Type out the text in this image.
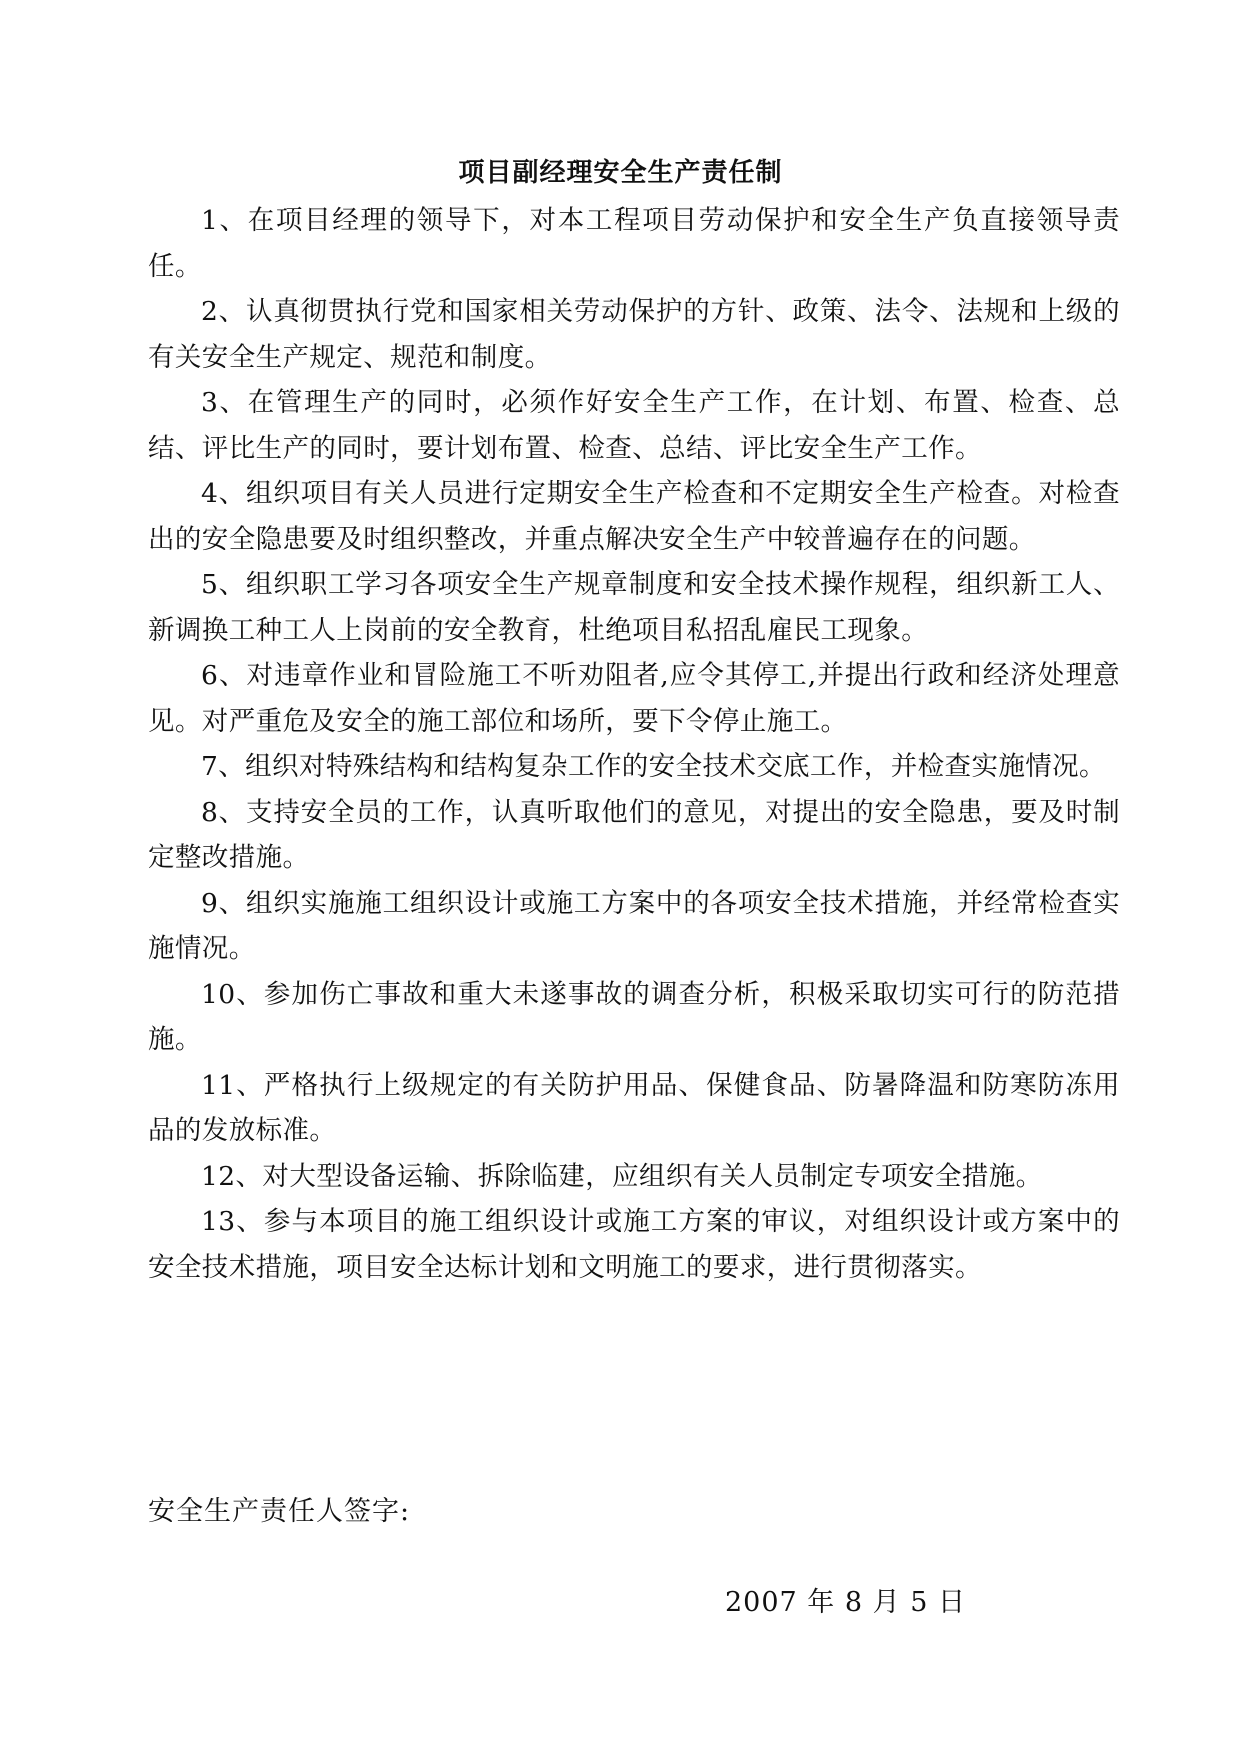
项目副经理安全生产责任制

1、在项目经理的领导下，对本工程项目劳动保护和安全生产负直接领导责任。

2、认真彻贯执行党和国家相关劳动保护的方针、政策、法令、法规和上级的有关安全生产规定、规范和制度。

3、在管理生产的同时，必须作好安全生产工作，在计划、布置、检查、总结、评比生产的同时，要计划布置、检查、总结、评比安全生产工作。

4、组织项目有关人员进行定期安全生产检查和不定期安全生产检查。对检查出的安全隐患要及时组织整改，并重点解决安全生产中较普遍存在的问题。

5、组织职工学习各项安全生产规章制度和安全技术操作规程，组织新工人、新调换工种工人上岗前的安全教育，杜绝项目私招乱雇民工现象。

6、对违章作业和冒险施工不听劝阻者,应令其停工,并提出行政和经济处理意见。对严重危及安全的施工部位和场所，要下令停止施工。

7、组织对特殊结构和结构复杂工作的安全技术交底工作，并检查实施情况。

8、支持安全员的工作，认真听取他们的意见，对提出的安全隐患，要及时制定整改措施。

9、组织实施施工组织设计或施工方案中的各项安全技术措施，并经常检查实施情况。

10、参加伤亡事故和重大未遂事故的调查分析，积极采取切实可行的防范措施。

11、严格执行上级规定的有关防护用品、保健食品、防暑降温和防寒防冻用品的发放标准。

12、对大型设备运输、拆除临建，应组织有关人员制定专项安全措施。

13、参与本项目的施工组织设计或施工方案的审议，对组织设计或方案中的安全技术措施，项目安全达标计划和文明施工的要求，进行贯彻落实。

安全生产责任人签字:
2007 年 8 月 5 日
